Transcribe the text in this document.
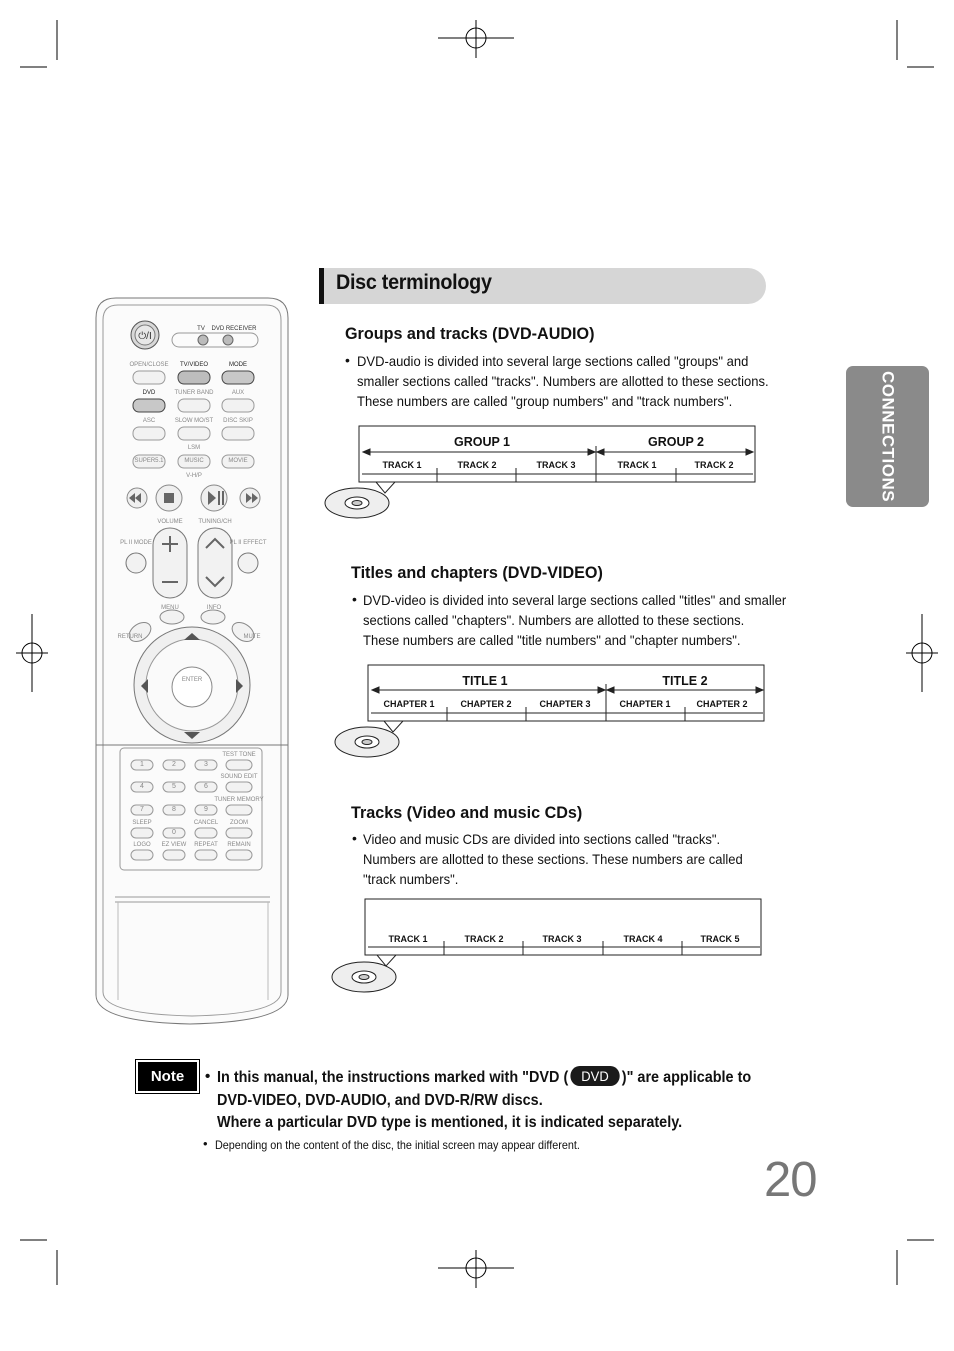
Disc terminology
CONNECTIONS
⏻/I
TV DVD RECEIVER
OPEN/CLOSE TV/VIDEO	MODE
DVD	TUNER BAND	AUX
ASC	SLOW MO/ST DISC SKIP
LSM
SUPER5.1	MUSIC	MOVIE
V-H/P
VOLUME	TUNING/CH
PL II MODE	PL II EFFECT
MENU	INFO
RETURN	MUTE
ENTER
1	2	3
4	5	6
7	8	9
0
TEST TONE
SOUND EDIT
TUNER MEMORY
SLEEP	CANCEL ZOOM
LOGO EZ VIEW REPEAT REMAIN
Groups and tracks (DVD-AUDIO)
• DVD-audio is divided into several large sections called "groups" and
smaller sections called "tracks". Numbers are allotted to these sections.
These numbers are called "group numbers" and "track numbers".
GROUP 1	GROUP 2
TRACK 1	TRACK 2	TRACK 3	TRACK 1	TRACK 2
Titles and chapters (DVD-VIDEO)
• DVD-video is divided into several large sections called "titles" and smaller
sections called "chapters". Numbers are allotted to these sections.
These numbers are called "title numbers" and "chapter numbers".
TITLE 1	TITLE 2
CHAPTER 1	CHAPTER 2	CHAPTER 3	CHAPTER 1	CHAPTER 2
Tracks (Video and music CDs)
• Video and music CDs are divided into sections called "tracks".
Numbers are allotted to these sections. These numbers are called
"track numbers".
TRACK 1	TRACK 2	TRACK 3	TRACK 4	TRACK 5
Note	• In this manual, the instructions marked with "DVD ( DVD )" are applicable to
DVD-VIDEO, DVD-AUDIO, and DVD-R/RW discs.
Where a particular DVD type is mentioned, it is indicated separately.
• Depending on the content of the disc, the initial screen may appear different.
20
